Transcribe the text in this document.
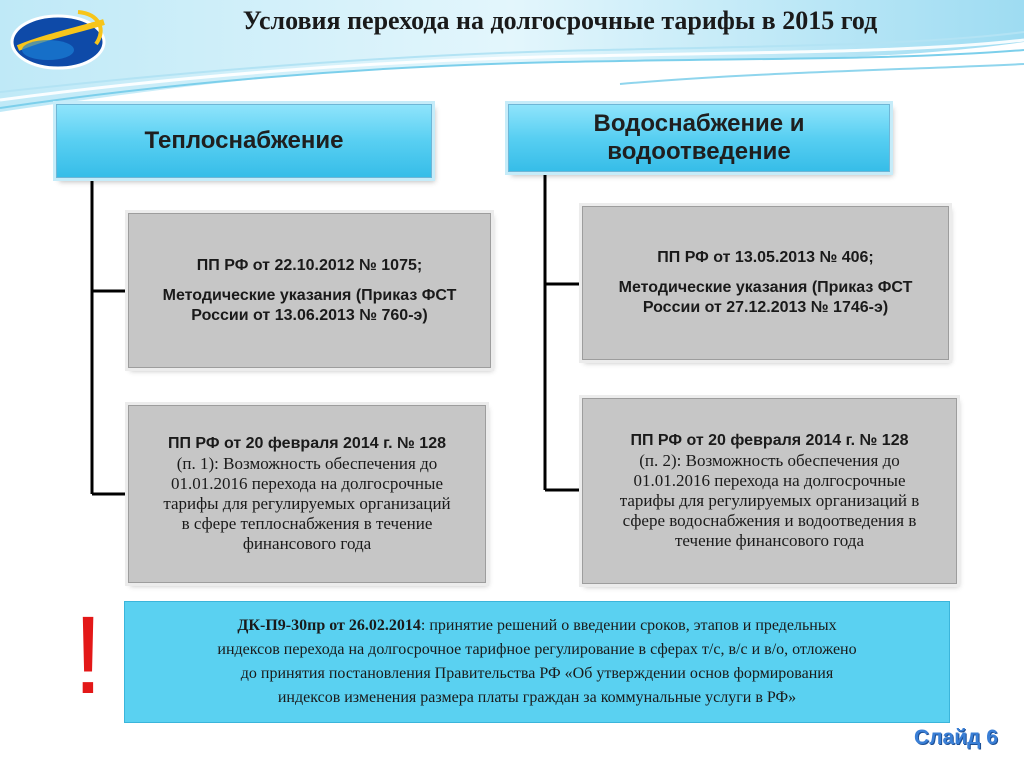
Условия перехода на долгосрочные тарифы в 2015 год
Теплоснабжение
Водоснабжение и
водоотведение
ПП РФ от 22.10.2012 № 1075;
Методические указания (Приказ ФСТ
России от 13.06.2013 № 760-э)
ПП РФ от 20 февраля 2014 г. № 128
(п. 1): Возможность обеспечения до
01.01.2016 перехода на долгосрочные
тарифы для регулируемых организаций
в сфере теплоснабжения в течение
финансового года
ПП РФ от 13.05.2013 № 406;
Методические указания (Приказ ФСТ
России от 27.12.2013 № 1746-э)
ПП РФ от 20 февраля 2014 г. № 128
(п. 2): Возможность обеспечения до
01.01.2016 перехода на долгосрочные
тарифы для регулируемых организаций в
сфере водоснабжения и водоотведения в
течение финансового года
!	ДК-П9-30пр от 26.02.2014: принятие решений о введении сроков, этапов и предельных
индексов перехода на долгосрочное тарифное регулирование в сферах т/с, в/с и в/о, отложено
до принятия постановления Правительства РФ «Об утверждении основ формирования
индексов изменения размера платы граждан за коммунальные услуги в РФ»
Слайд 6
